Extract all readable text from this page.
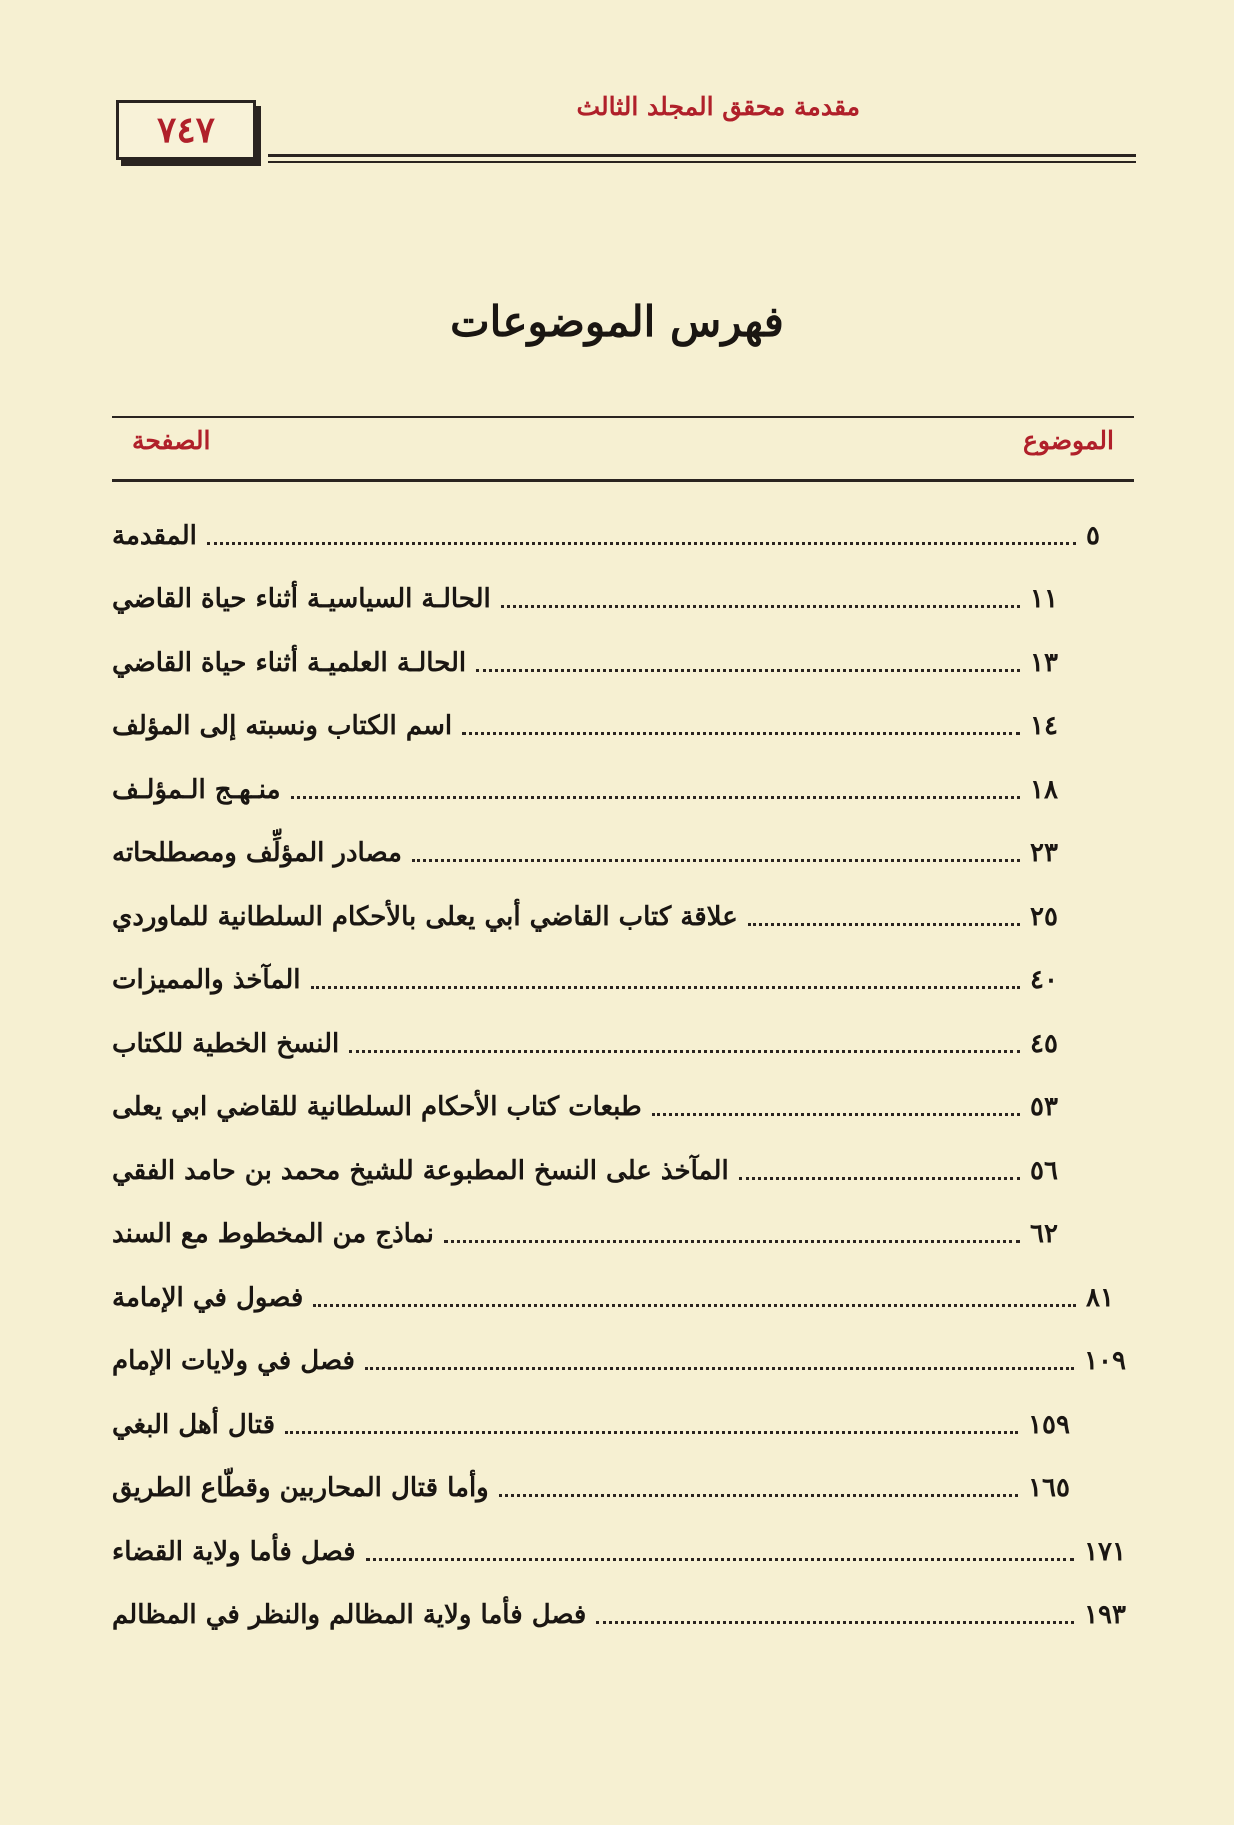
٧٤٧
مقدمة محقق المجلد الثالث
فهرس الموضوعات
الموضوع
الصفحة
المقدمة	٥
الحالـة السياسيـة أثناء حياة القاضي	١١
الحالـة العلميـة أثناء حياة القاضي	١٣
اسم الكتاب ونسبته إلى المؤلف	١٤
منـهـج الـمؤلـف	١٨
مصادر المؤلِّف ومصطلحاته	٢٣
علاقة كتاب القاضي أبي يعلى بالأحكام السلطانية للماوردي	٢٥
المآخذ والمميزات	٤٠
النسخ الخطية للكتاب	٤٥
طبعات كتاب الأحكام السلطانية للقاضي ابي يعلى	٥٣
المآخذ على النسخ المطبوعة للشيخ محمد بن حامد الفقي	٥٦
نماذج من المخطوط مع السند	٦٢
فصول في الإمامة	٨١
فصل في ولايات الإمام	١٠٩
قتال أهل البغي	١٥٩
وأما قتال المحاربين وقطّاع الطريق	١٦٥
فصل فأما ولاية القضاء	١٧١
فصل فأما ولاية المظالم والنظر في المظالم	١٩٣
